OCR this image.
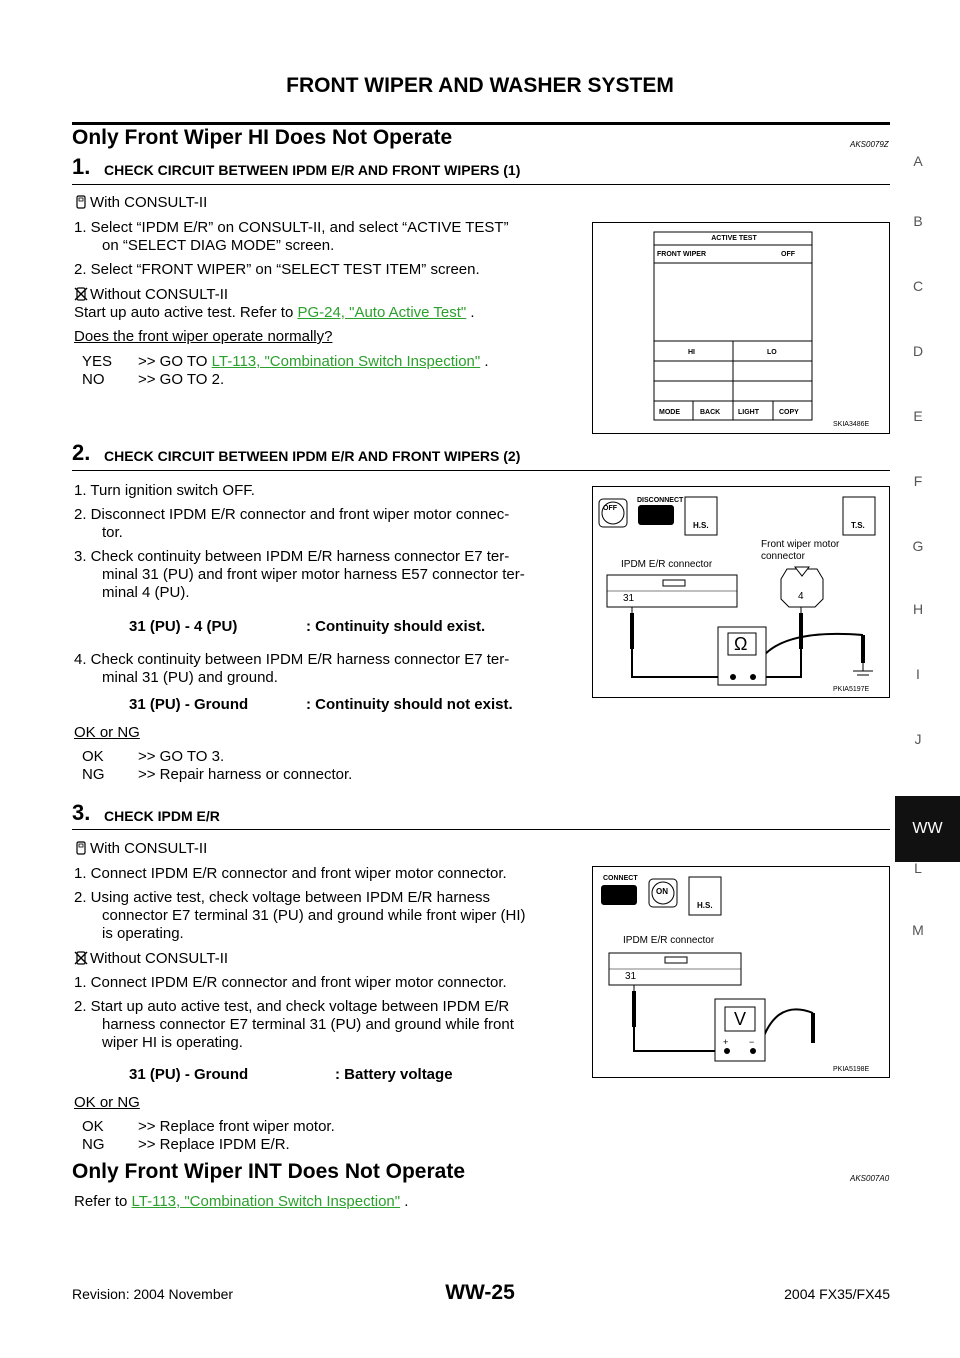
FRONT WIPER AND WASHER SYSTEM
A
B
C
D
E
F
G
H
I
J
WW
L
M
Only Front Wiper HI Does Not Operate	AKS0079Z
1. CHECK CIRCUIT BETWEEN IPDM E/R AND FRONT WIPERS (1)
With CONSULT-II
1. Select “IPDM E/R” on CONSULT-II, and select “ACTIVE TEST”
on “SELECT DIAG MODE” screen.
2. Select “FRONT WIPER” on “SELECT TEST ITEM” screen.
Without CONSULT-II
Start up auto active test. Refer to PG-24, "Auto Active Test" .
Does the front wiper operate normally?
YES >> GO TO LT-113, "Combination Switch Inspection" .
NO >> GO TO 2.
ACTIVE TEST
FRONT WIPER	OFF
HI	LO
MODE	BACK	LIGHT	COPY
SKIA3486E
2. CHECK CIRCUIT BETWEEN IPDM E/R AND FRONT WIPERS (2)
1. Turn ignition switch OFF.
2. Disconnect IPDM E/R connector and front wiper motor connec-
tor.
3. Check continuity between IPDM E/R harness connector E7 ter-
minal 31 (PU) and front wiper motor harness E57 connector ter-
minal 4 (PU).
31 (PU) - 4 (PU)	: Continuity should exist.
4. Check continuity between IPDM E/R harness connector E7 ter-
minal 31 (PU) and ground.
31 (PU) - Ground	: Continuity should not exist.
OK or NG
OK >> GO TO 3.
NG >> Repair harness or connector.
OFF
DISCONNECT
H.S.	T.S.
IPDM E/R connector
Front wiper motor
connector
31	4
Ω
PKIA5197E
3. CHECK IPDM E/R
With CONSULT-II
1. Connect IPDM E/R connector and front wiper motor connector.
2. Using active test, check voltage between IPDM E/R harness
connector E7 terminal 31 (PU) and ground while front wiper (HI)
is operating.
Without CONSULT-II
1. Connect IPDM E/R connector and front wiper motor connector.
2. Start up auto active test, and check voltage between IPDM E/R
harness connector E7 terminal 31 (PU) and ground while front
wiper HI is operating.
31 (PU) - Ground	: Battery voltage
OK or NG
OK >> Replace front wiper motor.
NG >> Replace IPDM E/R.
CONNECT
ON
H.S.
IPDM E/R connector
31
V
+ −
PKIA5198E
Only Front Wiper INT Does Not Operate	AKS007A0
Refer to LT-113, "Combination Switch Inspection" .
Revision: 2004 November	WW-25	2004 FX35/FX45
